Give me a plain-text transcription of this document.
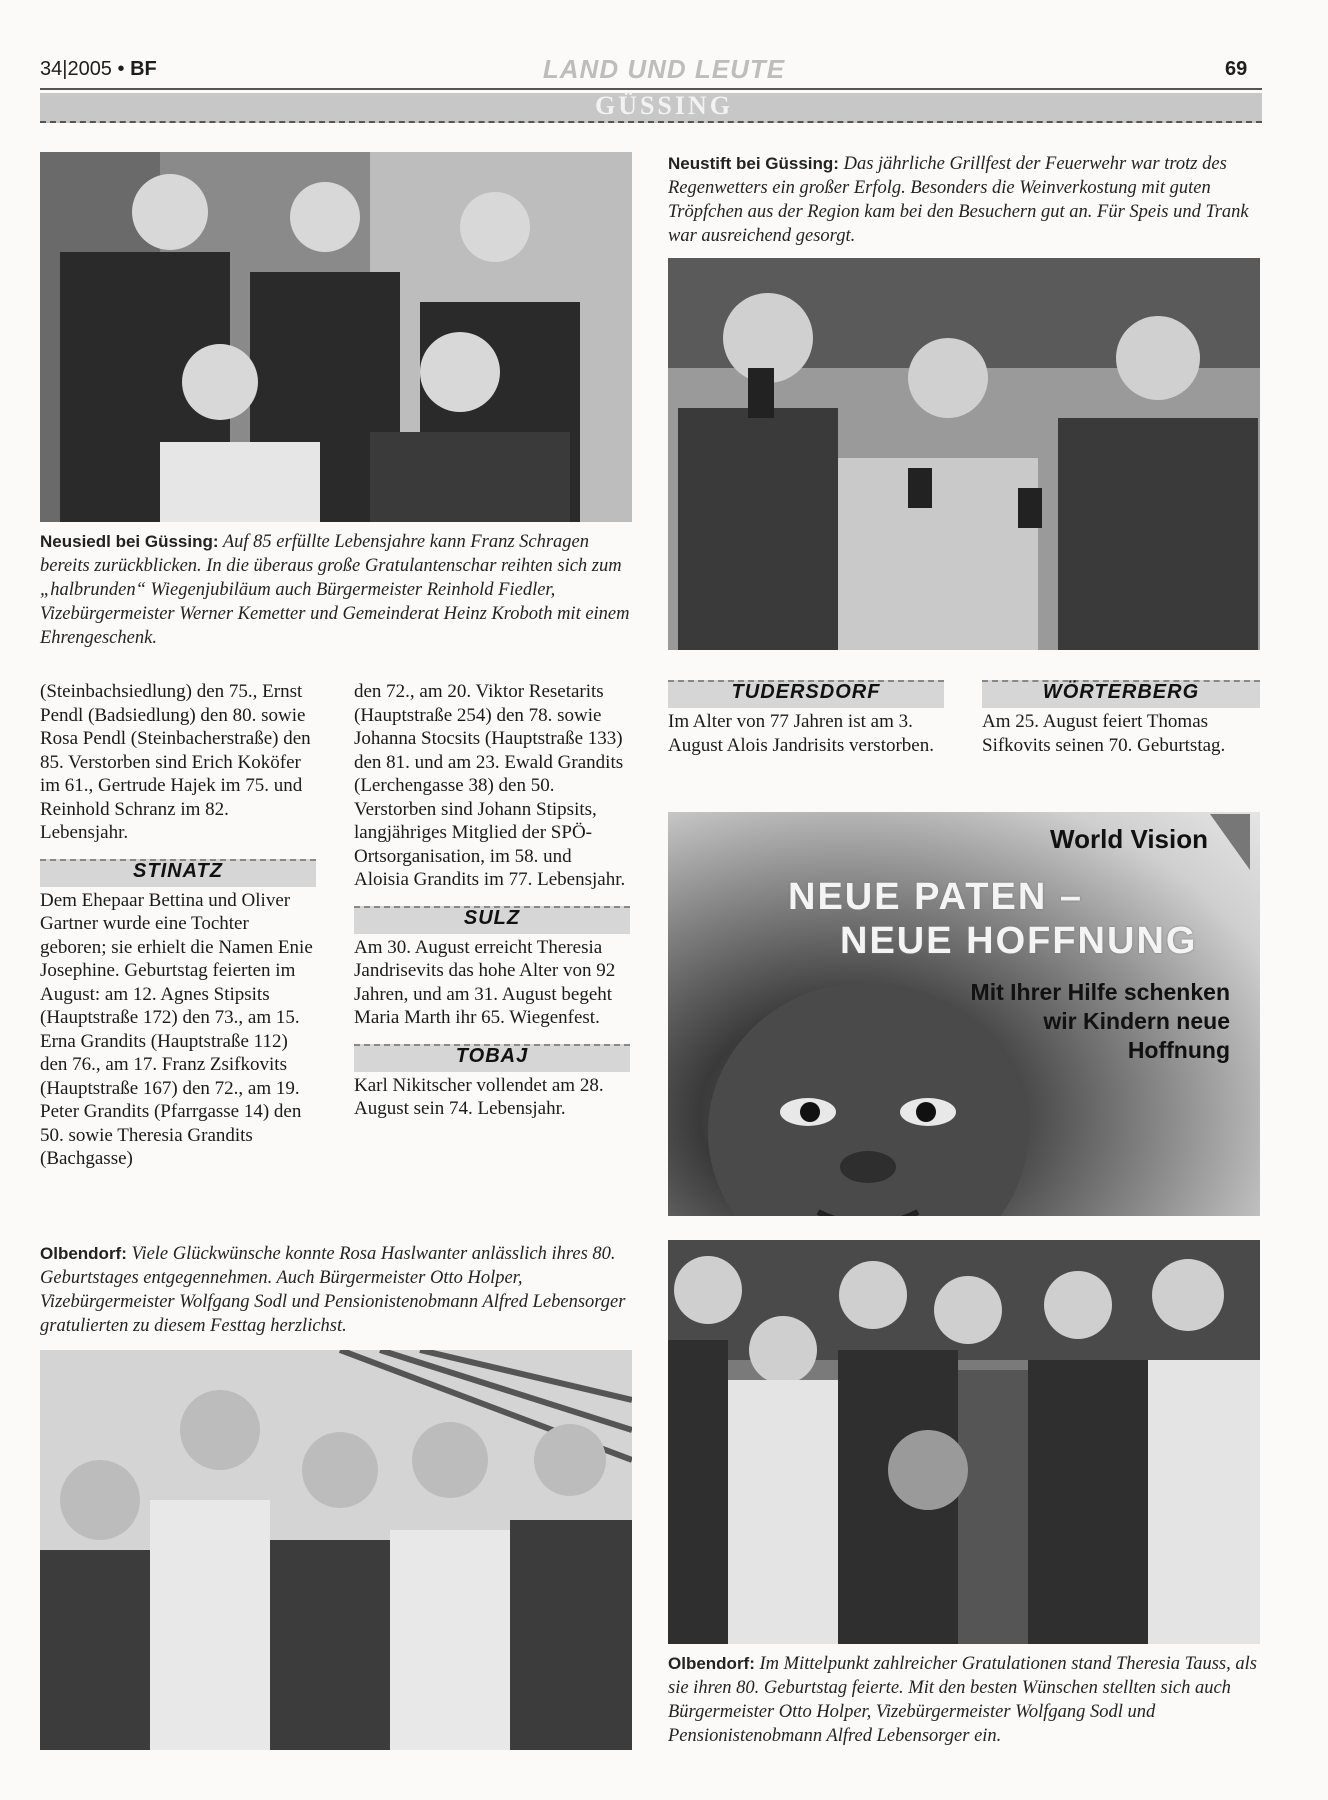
34|2005 • BF	LAND UND LEUTE	69
GÜSSING
Neusiedl bei Güssing: Auf 85 erfüllte Lebensjahre kann Franz Schragen bereits zurückblicken. In die überaus große Gratulantenschar reihten sich zum „halbrunden“ Wiegenjubiläum auch Bürgermeister Reinhold Fiedler, Vizebürgermeister Werner Kemetter und Gemeinderat Heinz Kroboth mit einem Ehrengeschenk.
Neustift bei Güssing: Das jährliche Grillfest der Feuerwehr war trotz des Regenwetters ein großer Erfolg. Besonders die Weinverkostung mit guten Tröpfchen aus der Region kam bei den Besuchern gut an. Für Speis und Trank war ausreichend gesorgt.

(Steinbachsiedlung) den 75., Ernst Pendl (Badsiedlung) den 80. sowie Rosa Pendl (Steinbacherstraße) den 85. Verstorben sind Erich Koköfer im 61., Gertrude Hajek im 75. und Reinhold Schranz im 82. Lebensjahr.

STINATZ

Dem Ehepaar Bettina und Oliver Gartner wurde eine Tochter geboren; sie erhielt die Namen Enie Josephine. Geburtstag feierten im August: am 12. Agnes Stipsits (Hauptstraße 172) den 73., am 15. Erna Grandits (Hauptstraße 112) den 76., am 17. Franz Zsifkovits (Hauptstraße 167) den 72., am 19. Peter Grandits (Pfarrgasse 14) den 50. sowie Theresia Grandits (Bachgasse)

den 72., am 20. Viktor Resetarits (Hauptstraße 254) den 78. sowie Johanna Stocsits (Hauptstraße 133) den 81. und am 23. Ewald Grandits (Lerchengasse 38) den 50. Verstorben sind Johann Stipsits, langjähriges Mitglied der SPÖ-Ortsorganisation, im 58. und Aloisia Grandits im 77. Lebensjahr.

SULZ

Am 30. August erreicht Theresia Jandrisevits das hohe Alter von 92 Jahren, und am 31. August begeht Maria Marth ihr 65. Wiegenfest.

TOBAJ

Karl Nikitscher vollendet am 28. August sein 74. Lebensjahr.

TUDERSDORF

Im Alter von 77 Jahren ist am 3. August Alois Jandrisits verstorben.

WÖRTERBERG

Am 25. August feiert Thomas Sifkovits seinen 70. Geburtstag.

World Vision
NEUE PATEN –
NEUE HOFFNUNG
Mit Ihrer Hilfe schenken wir Kindern neue Hoffnung
Olbendorf: Viele Glückwünsche konnte Rosa Haslwanter anlässlich ihres 80. Geburtstages entgegennehmen. Auch Bürgermeister Otto Holper, Vizebürgermeister Wolfgang Sodl und Pensionistenobmann Alfred Lebensorger gratulierten zu diesem Festtag herzlichst.
Olbendorf: Im Mittelpunkt zahlreicher Gratulationen stand Theresia Tauss, als sie ihren 80. Geburtstag feierte. Mit den besten Wünschen stellten sich auch Bürgermeister Otto Holper, Vizebürgermeister Wolfgang Sodl und Pensionistenobmann Alfred Lebensorger ein.
